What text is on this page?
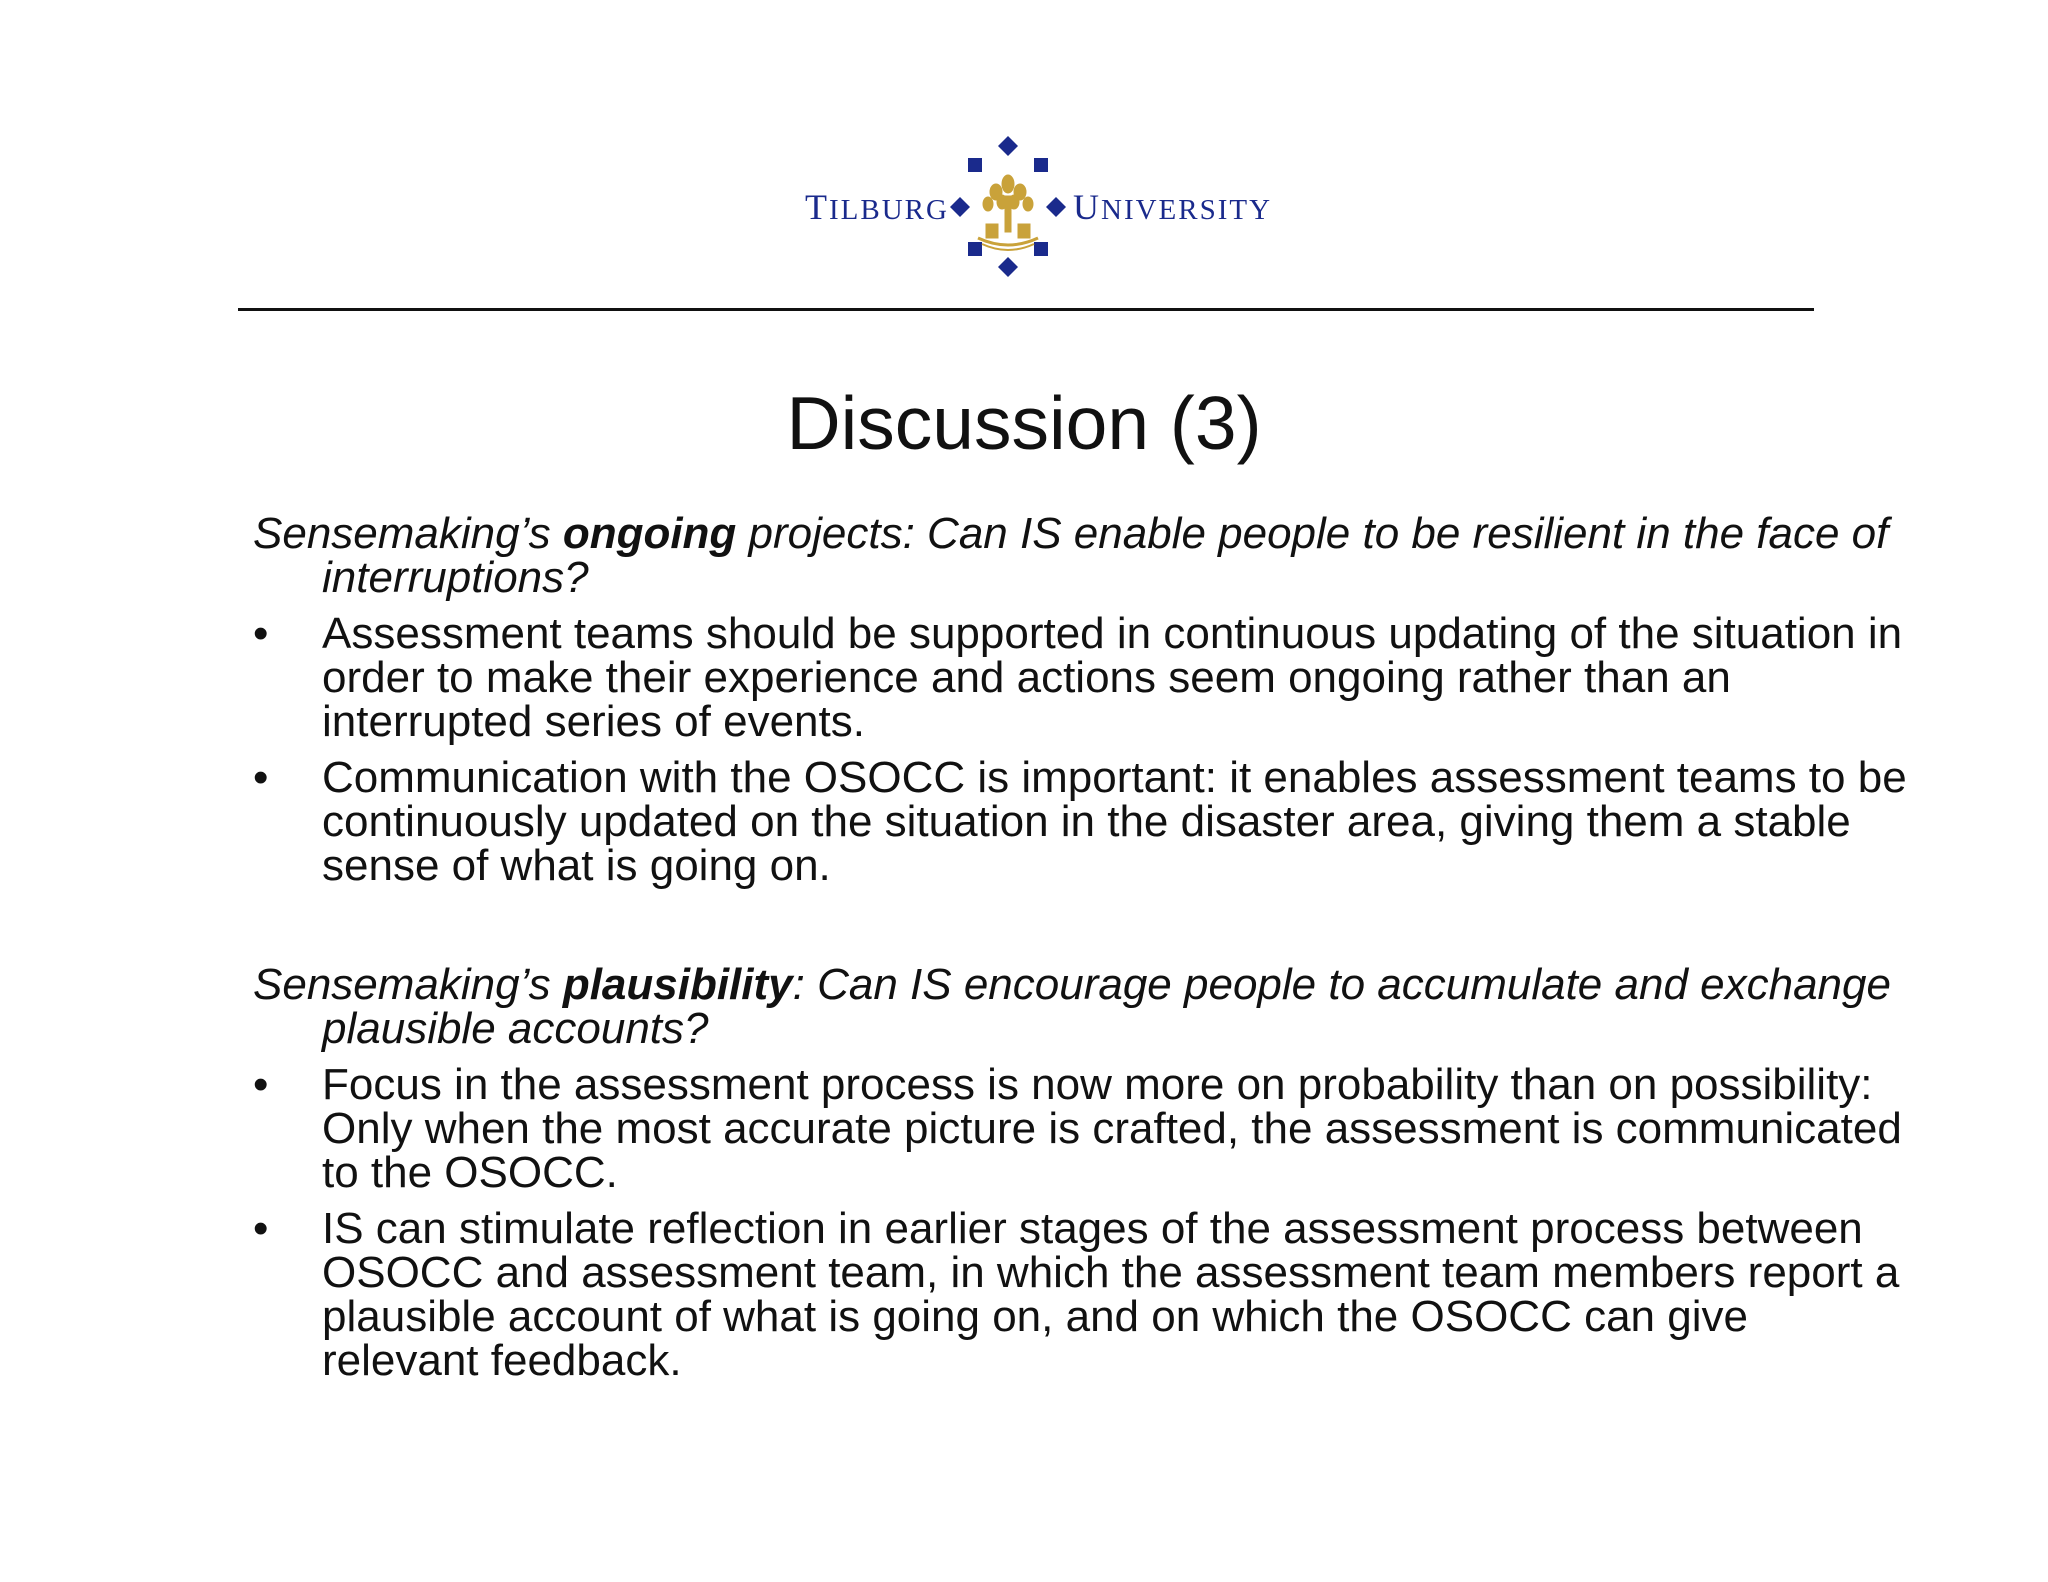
TILBURG	UNIVERSITY
Discussion (3)
Sensemaking’s ongoing projects: Can IS enable people to be resilient in the face of interruptions?
•	Assessment teams should be supported in continuous updating of the situation in order to make their experience and actions seem ongoing rather than an interrupted series of events.
•	Communication with the OSOCC is important: it enables assessment teams to be continuously updated on the situation in the disaster area, giving them a stable sense of what is going on.
Sensemaking’s plausibility: Can IS encourage people to accumulate and exchange plausible accounts?
•	Focus in the assessment process is now more on probability than on possibility: Only when the most accurate picture is crafted, the assessment is communicated to the OSOCC.
•	IS can stimulate reflection in earlier stages of the assessment process between OSOCC and assessment team, in which the assessment team members report a plausible account of what is going on, and on which the OSOCC can give relevant feedback.
